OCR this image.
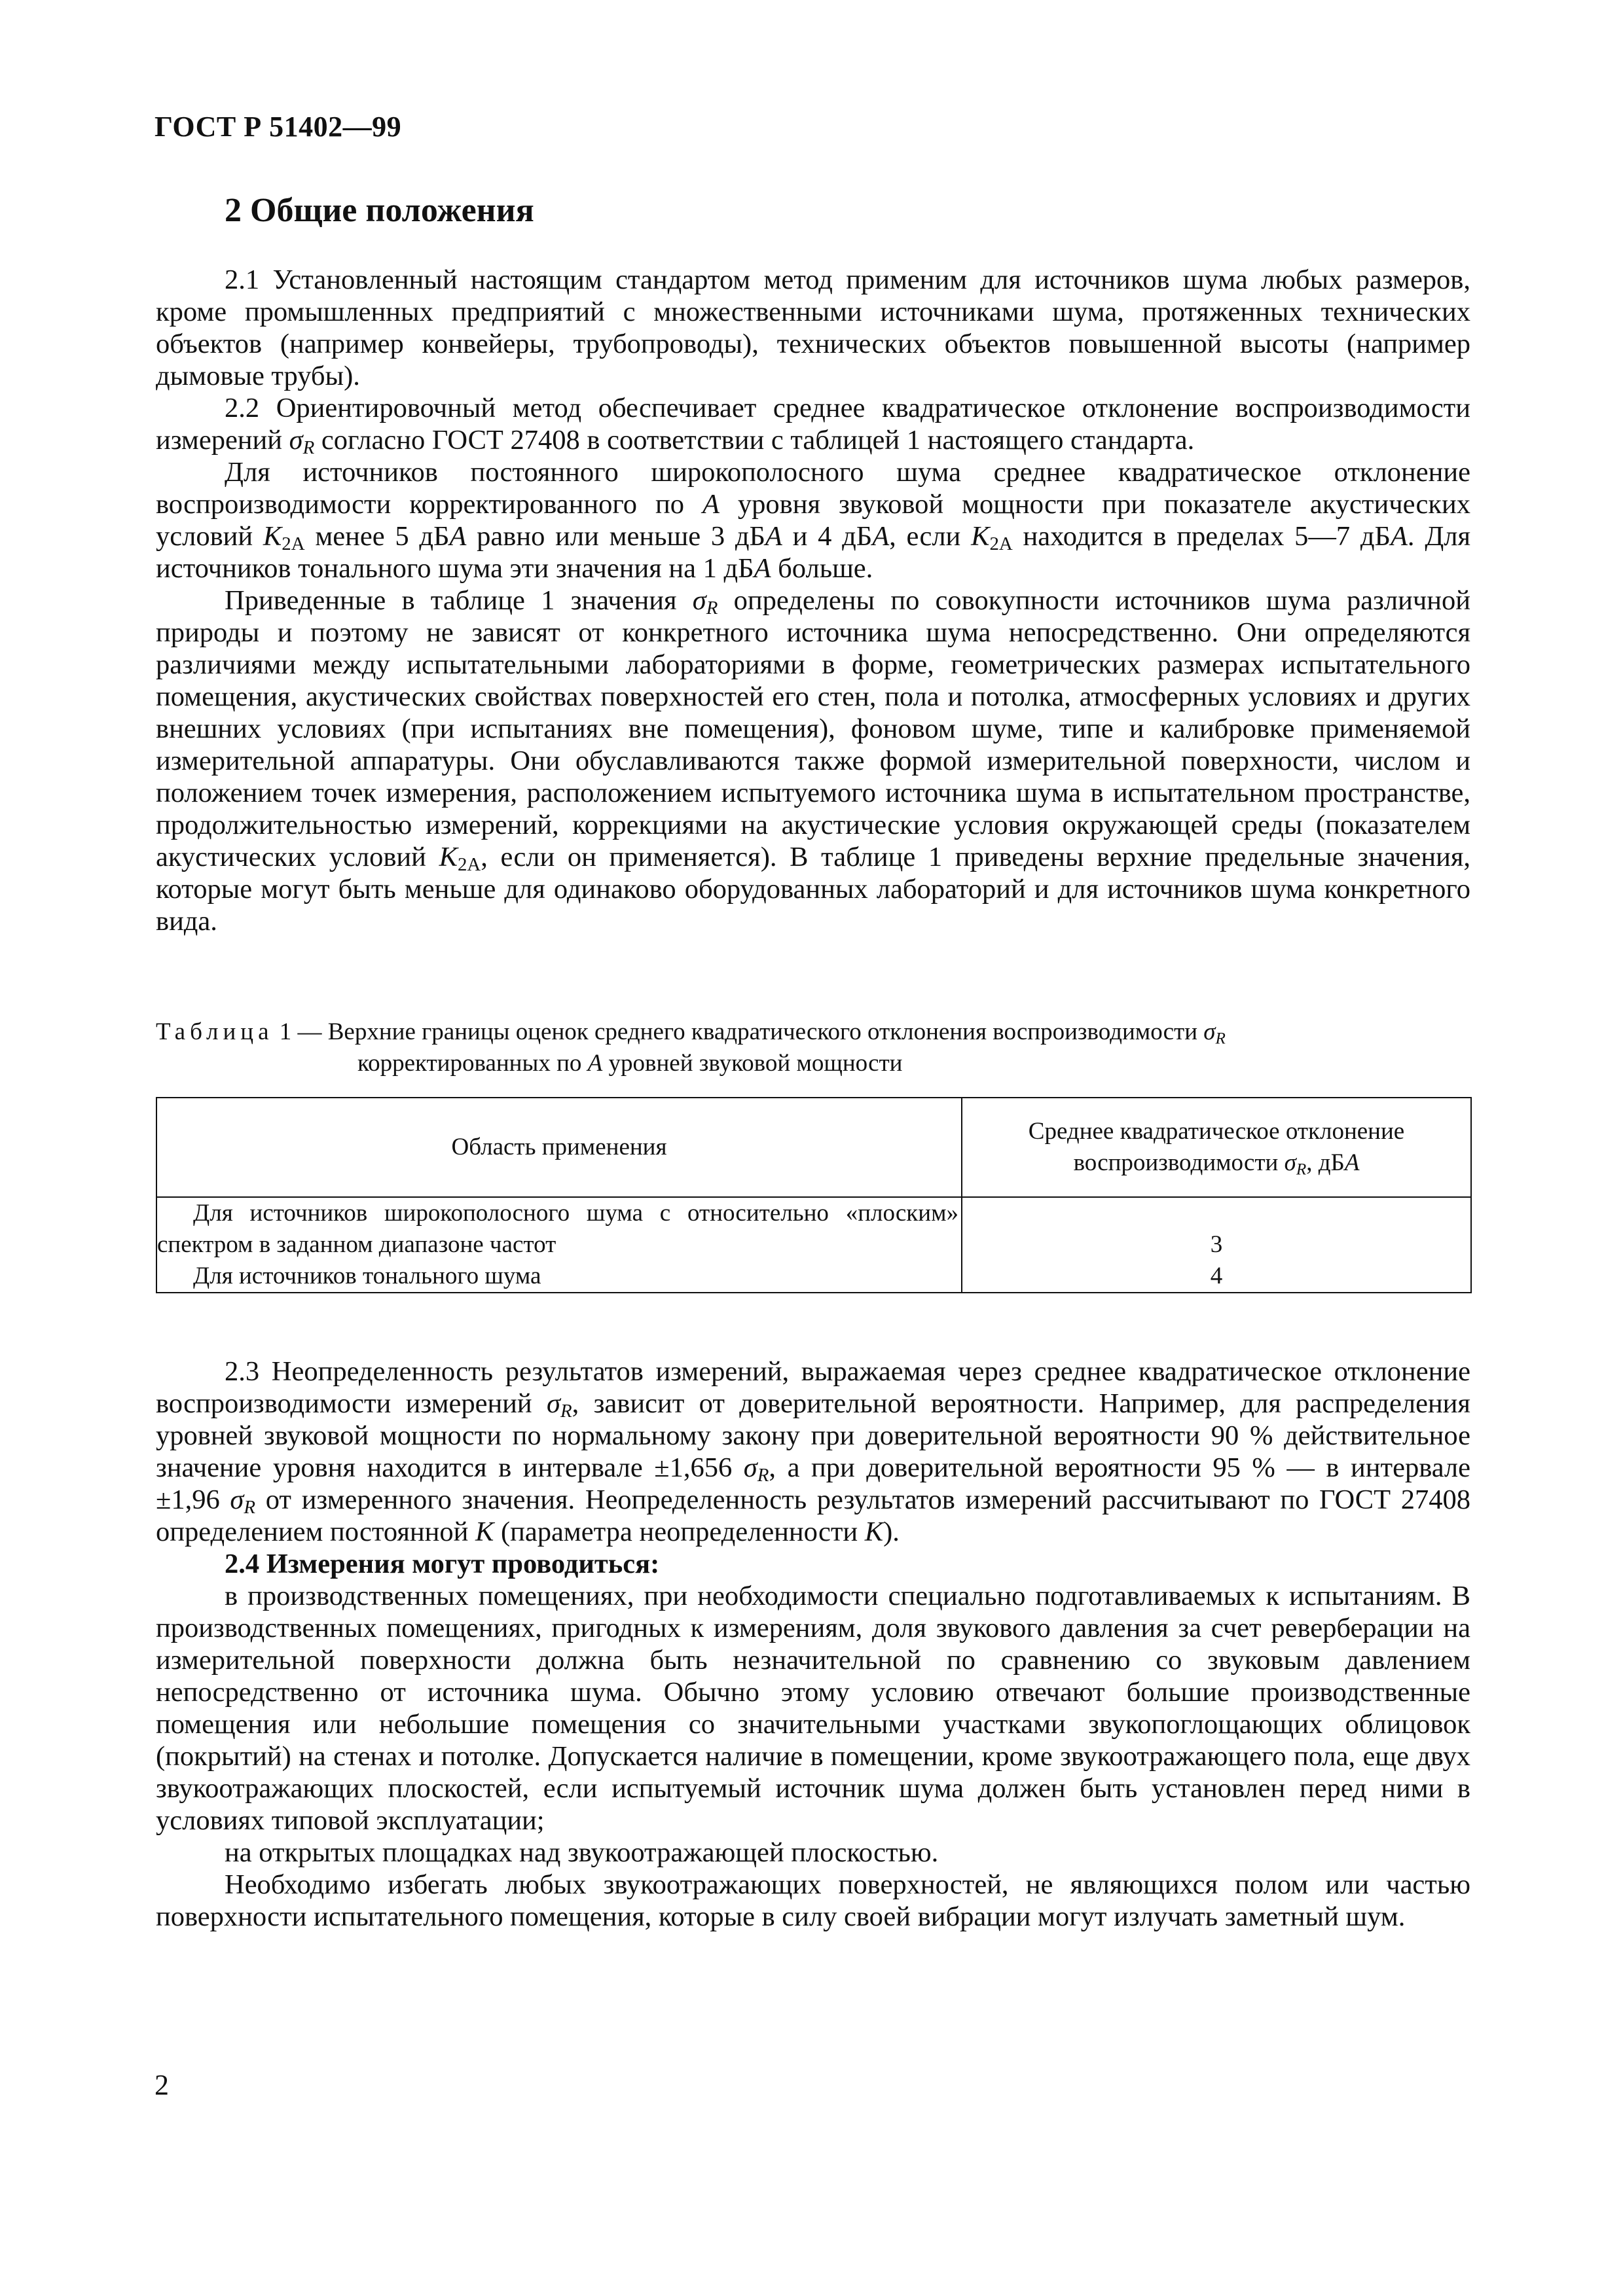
ГОСТ Р 51402—99
2 Общие положения

2.1 Установленный настоящим стандартом метод применим для источников шума любых размеров, кроме промышленных предприятий с множественными источниками шума, протяженных технических объектов (например конвейеры, трубопроводы), технических объектов повышенной высоты (например дымовые трубы).

2.2 Ориентировочный метод обеспечивает среднее квадратическое отклонение воспроизводимости измерений $\sigma_R$ согласно ГОСТ 27408 в соответствии с таблицей 1 настоящего стандарта.

Для источников постоянного широкополосного шума среднее квадратическое отклонение воспроизводимости корректированного по A уровня звуковой мощности при показателе акустических условий $K_{2A}$ менее 5 дБA равно или меньше 3 дБA и 4 дБA, если $K_{2A}$ находится в пределах 5—7 дБA. Для источников тонального шума эти значения на 1 дБA больше.

Приведенные в таблице 1 значения $\sigma_R$ определены по совокупности источников шума различной природы и поэтому не зависят от конкретного источника шума непосредственно. Они определяются различиями между испытательными лабораториями в форме, геометрических размерах испытательного помещения, акустических свойствах поверхностей его стен, пола и потолка, атмосферных условиях и других внешних условиях (при испытаниях вне помещения), фоновом шуме, типе и калибровке применяемой измерительной аппаратуры. Они обуславливаются также формой измерительной поверхности, числом и положением точек измерения, расположением испытуемого источника шума в испытательном пространстве, продолжительностью измерений, коррекциями на акустические условия окружающей среды (показателем акустических условий $K_{2A}$, если он применяется). В таблице 1 приведены верхние предельные значения, которые могут быть меньше для одинаково оборудованных лабораторий и для источников шума конкретного вида.

Таблица 1 — Верхние границы оценок среднего квадратического отклонения воспроизводимости $\sigma_R$
корректированных по A уровней звуковой мощности
Область применения	Среднее квадратическое отклонение
воспроизводимости $\sigma_R$, дБA

Для источников широкополосного шума с относительно «плоским» спектром в заданном диапазоне частот	3

Для источников тонального шума	4

2.3 Неопределенность результатов измерений, выражаемая через среднее квадратическое отклонение воспроизводимости измерений $\sigma_R$, зависит от доверительной вероятности. Например, для распределения уровней звуковой мощности по нормальному закону при доверительной вероятности 90 % действительное значение уровня находится в интервале ±1,656 $\sigma_R$, а при доверительной вероятности 95 % — в интервале ±1,96 $\sigma_R$ от измеренного значения. Неопределенность результатов измерений рассчитывают по ГОСТ 27408 определением постоянной K (параметра неопределенности K).

2.4 Измерения могут проводиться:

в производственных помещениях, при необходимости специально подготавливаемых к испытаниям. В производственных помещениях, пригодных к измерениям, доля звукового давления за счет реверберации на измерительной поверхности должна быть незначительной по сравнению со звуковым давлением непосредственно от источника шума. Обычно этому условию отвечают большие производственные помещения или небольшие помещения со значительными участками звукопоглощающих облицовок (покрытий) на стенах и потолке. Допускается наличие в помещении, кроме звукоотражающего пола, еще двух звукоотражающих плоскостей, если испытуемый источник шума должен быть установлен перед ними в условиях типовой эксплуатации;

на открытых площадках над звукоотражающей плоскостью.

Необходимо избегать любых звукоотражающих поверхностей, не являющихся полом или частью поверхности испытательного помещения, которые в силу своей вибрации могут излучать заметный шум.

2
